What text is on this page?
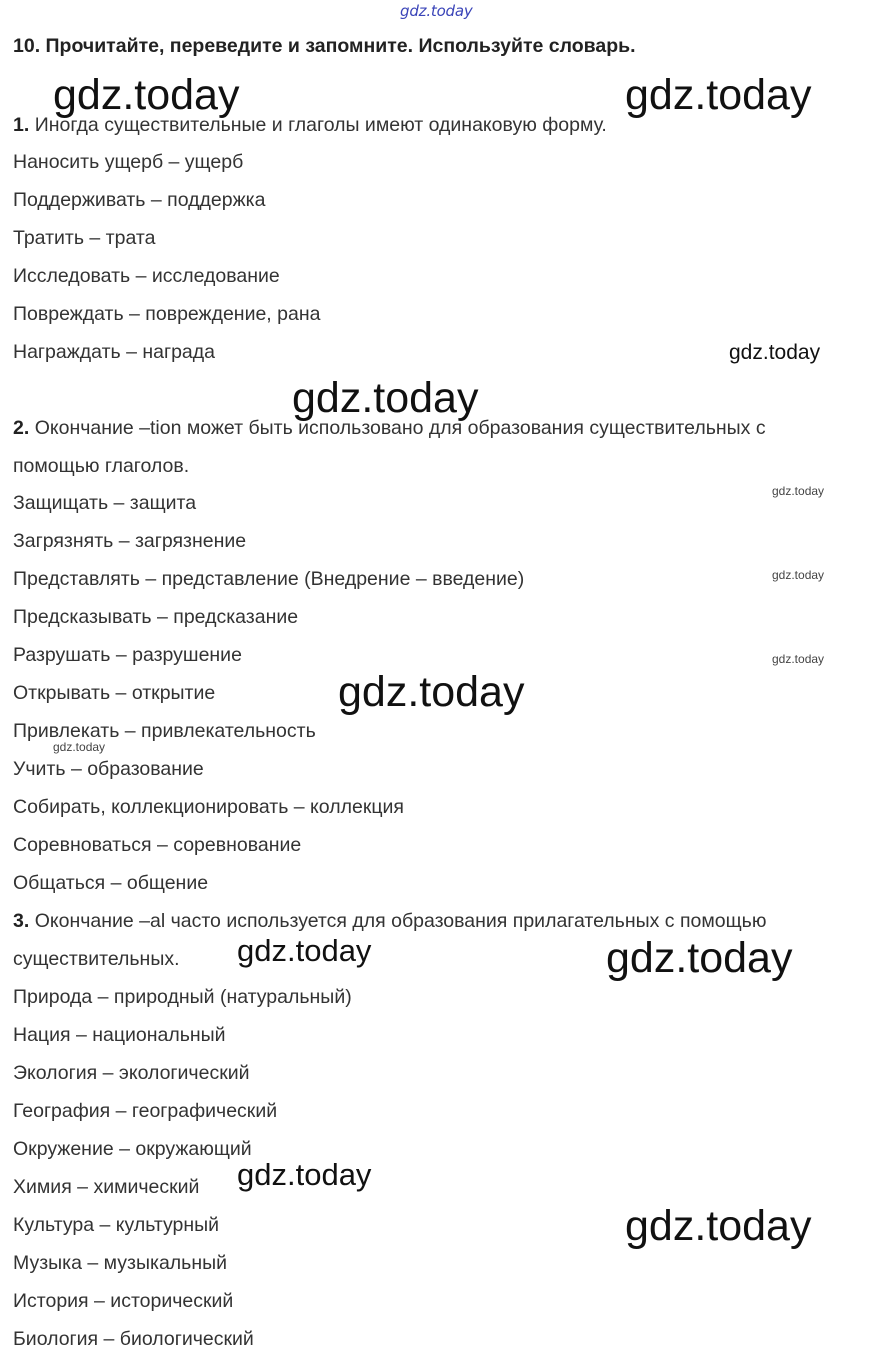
gdz.today
10. Прочитайте, переведите и запомните. Используйте словарь.
1. Иногда существительные и глаголы имеют одинаковую форму.
Наносить ущерб – ущерб
Поддерживать – поддержка
Тратить – трата
Исследовать – исследование
Повреждать – повреждение, рана
Награждать – награда
2. Окончание –tion может быть использовано для образования существительных с
помощью глаголов.
Защищать – защита
Загрязнять – загрязнение
Представлять – представление (Внедрение – введение)
Предсказывать – предсказание
Разрушать – разрушение
Открывать – открытие
Привлекать – привлекательность
Учить – образование
Собирать, коллекционировать – коллекция
Соревноваться – соревнование
Общаться – общение
3. Окончание –al часто используется для образования прилагательных с помощью
существительных.
Природа – природный (натуральный)
Нация – национальный
Экология – экологический
География – географический
Окружение – окружающий
Химия – химический
Культура – культурный
Музыка – музыкальный
История – исторический
Биология – биологический
gdz.today	gdz.today
gdz.today
gdz.today
gdz.today
gdz.today
gdz.today
gdz.today
gdz.today
gdz.today	gdz.today
gdz.today
gdz.today
